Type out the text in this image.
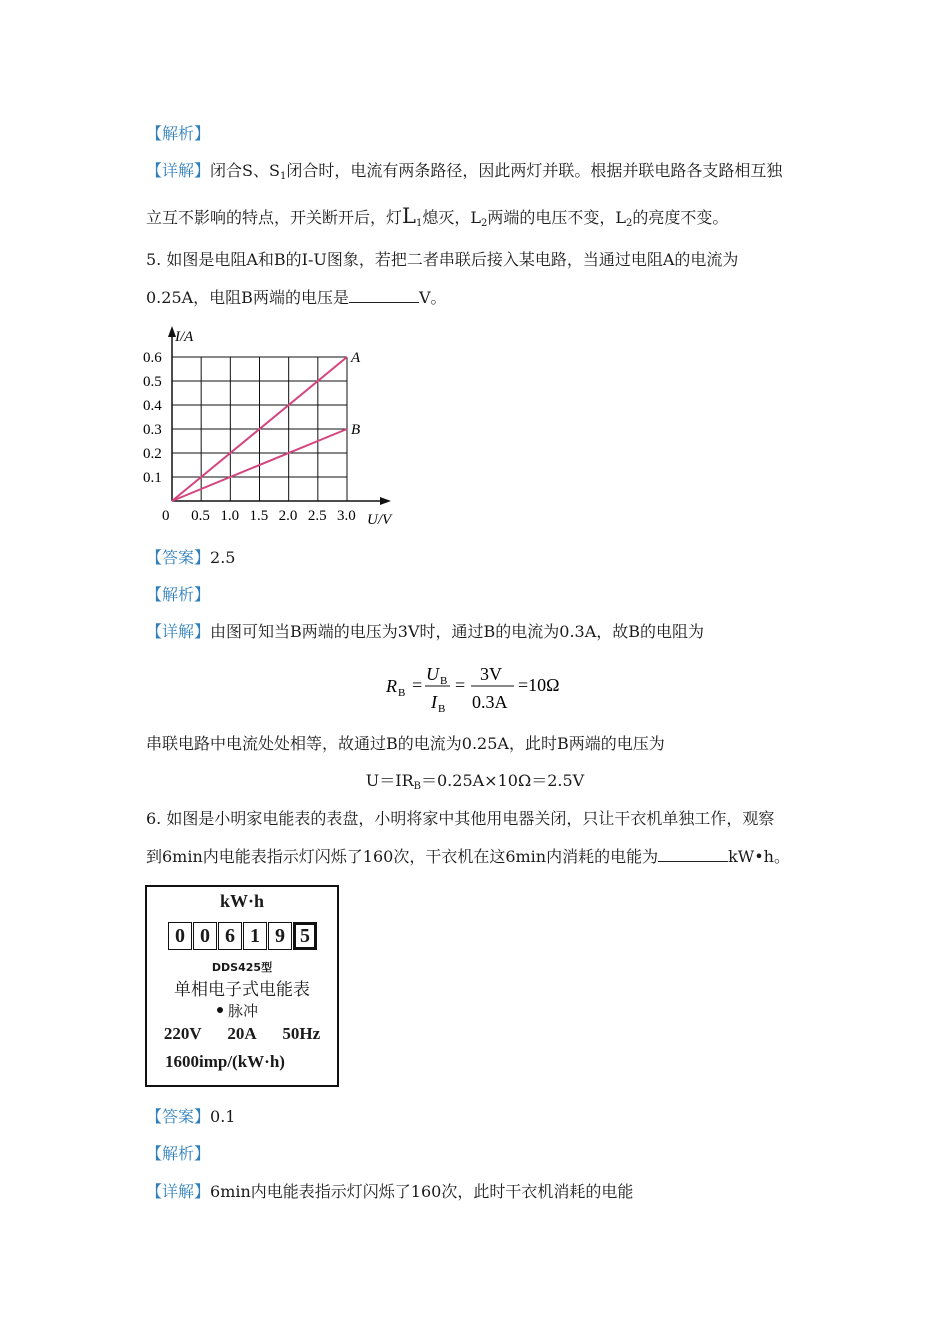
【解析】
【详解】闭合S、$S_1$闭合时，电流有两条路径，因此两灯并联。根据并联电路各支路相互独
立互不影响的特点，开关断开后，灯$L_1$熄灭，$L_2$两端的电压不变，$L_2$的亮度不变。
5. 如图是电阻A和B的I-U图象，若把二者串联后接入某电路，当通过电阻A的电流为
0.25A，电阻B两端的电压是	V。
I/A
U/V
0 0.5 1.0 1.5 2.0 2.5 3.0
0.1
0.2
0.3
0.4
0.5
0.6	A
B
【答案】2.5
【解析】
【详解】由图可知当B两端的电压为3V时，通过B的电流为0.3A，故B的电阻为
R B =
U B
I B
=
3V
0.3A
=10Ω
串联电路中电流处处相等，故通过B的电流为0.25A，此时B两端的电压为
$U=IR_B=0.25A\times 10\Omega=2.5V$
6. 如图是小明家电能表的表盘，小明将家中其他用电器关闭，只让干衣机单独工作，观察
到6min内电能表指示灯闪烁了160次，干衣机在这6min内消耗的电能为	kW•h。
kW·h
0 0 6 1 9 5
DDS425型
单相电子式电能表
脉冲
220V 20A 50Hz
1600imp/(kW·h)
【答案】0.1
【解析】
【详解】6min内电能表指示灯闪烁了160次，此时干衣机消耗的电能
